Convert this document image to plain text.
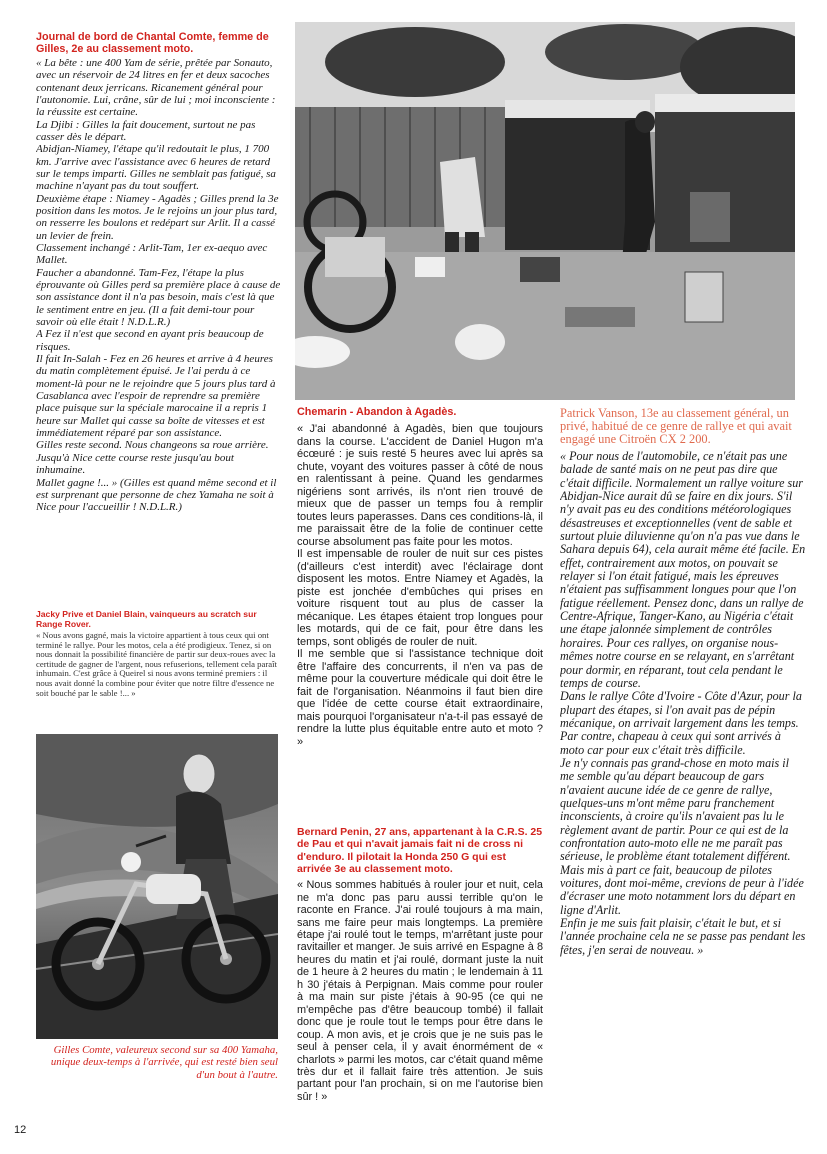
Journal de bord de Chantal Comte, femme de Gilles, 2e au classement moto.

« La bête : une 400 Yam de série, prêtée par Sonauto, avec un réservoir de 24 litres en fer et deux sacoches contenant deux jerricans. Ricanement général pour l'autonomie. Lui, crâne, sûr de lui ; moi inconsciente : la réussite est certaine.

La Djibi : Gilles la fait doucement, surtout ne pas casser dès le départ.

Abidjan-Niamey, l'étape qu'il redoutait le plus, 1 700 km. J'arrive avec l'assistance avec 6 heures de retard sur le temps imparti. Gilles ne semblait pas fatigué, sa machine n'ayant pas du tout souffert.

Deuxième étape : Niamey - Agadès ; Gilles prend la 3e position dans les motos. Je le rejoins un jour plus tard, on resserre les boulons et redépart sur Arlit. Il a cassé un levier de frein.

Classement inchangé : Arlit-Tam, 1er ex-aequo avec Mallet.

Faucher a abandonné. Tam-Fez, l'étape la plus éprouvante où Gilles perd sa première place à cause de son assistance dont il n'a pas besoin, mais c'est là que le sentiment entre en jeu. (Il a fait demi-tour pour savoir où elle était ! N.D.L.R.)

A Fez il n'est que second en ayant pris beaucoup de risques.

Il fait In-Salah - Fez en 26 heures et arrive à 4 heures du matin complètement épuisé. Je l'ai perdu à ce moment-là pour ne le rejoindre que 5 jours plus tard à Casablanca avec l'espoir de reprendre sa première place puisque sur la spéciale marocaine il a repris 1 heure sur Mallet qui casse sa boîte de vitesses et est immédiatement réparé par son assistance.

Gilles reste second. Nous changeons sa roue arrière. Jusqu'à Nice cette course reste jusqu'au bout inhumaine.

Mallet gagne !... » (Gilles est quand même second et il est surprenant que personne de chez Yamaha ne soit à Nice pour l'accueillir ! N.D.L.R.)

Jacky Prive et Daniel Blain, vainqueurs au scratch sur Range Rover.

« Nous avons gagné, mais la victoire appartient à tous ceux qui ont terminé le rallye. Pour les motos, cela a été prodigieux. Tenez, si on nous donnait la possibilité financière de partir sur deux-roues avec la certitude de gagner de l'argent, nous refuserions, tellement cela paraît inhumain. C'est grâce à Queirel si nous avons terminé premiers : il nous avait donné la combine pour éviter que notre filtre d'essence ne soit bouché par le sable !... »

Gilles Comte, valeureux second sur sa 400 Yamaha, unique deux-temps à l'arrivée, qui est resté bien seul d'un bout à l'autre.

Chemarin - Abandon à Agadès.

« J'ai abandonné à Agadès, bien que toujours dans la course. L'accident de Daniel Hugon m'a écœuré : je suis resté 5 heures avec lui après sa chute, voyant des voitures passer à côté de nous en ralentissant à peine. Quand les gendarmes nigériens sont arrivés, ils n'ont rien trouvé de mieux que de passer un temps fou à remplir toutes leurs paperasses. Dans ces conditions-là, il me paraissait être de la folie de continuer cette course absolument pas faite pour les motos.

Il est impensable de rouler de nuit sur ces pistes (d'ailleurs c'est interdit) avec l'éclairage dont disposent les motos. Entre Niamey et Agadès, la piste est jonchée d'embûches qui prises en voiture risquent tout au plus de casser la mécanique. Les étapes étaient trop longues pour les motards, qui de ce fait, pour être dans les temps, sont obligés de rouler de nuit.

Il me semble que si l'assistance technique doit être l'affaire des concurrents, il n'en va pas de même pour la couverture médicale qui doit être le fait de l'organisation. Néanmoins il faut bien dire que l'idée de cette course était extraordinaire, mais pourquoi l'organisateur n'a-t-il pas essayé de rendre la lutte plus équitable entre auto et moto ? »

Bernard Penin, 27 ans, appartenant à la C.R.S. 25 de Pau et qui n'avait jamais fait ni de cross ni d'enduro. Il pilotait la Honda 250 G qui est arrivée 3e au classement moto.

« Nous sommes habitués à rouler jour et nuit, cela ne m'a donc pas paru aussi terrible qu'on le raconte en France. J'ai roulé toujours à ma main, sans me faire peur mais longtemps. La première étape j'ai roulé tout le temps, m'arrêtant juste pour ravitailler et manger. Je suis arrivé en Espagne à 8 heures du matin et j'ai roulé, dormant juste la nuit de 1 heure à 2 heures du matin ; le lendemain à 11 h 30 j'étais à Perpignan. Mais comme pour rouler à ma main sur piste j'étais à 90-95 (ce qui ne m'empêche pas d'être beaucoup tombé) il fallait donc que je roule tout le temps pour être dans le coup. A mon avis, et je crois que je ne suis pas le seul à penser cela, il y avait énormément de « charlots » parmi les motos, car c'était quand même très dur et il fallait faire très attention. Je suis partant pour l'an prochain, si on me l'autorise bien sûr ! »

Patrick Vanson, 13e au classement général, un privé, habitué de ce genre de rallye et qui avait engagé une Citroën CX 2 200.

« Pour nous de l'automobile, ce n'était pas une balade de santé mais on ne peut pas dire que c'était difficile. Normalement un rallye voiture sur Abidjan-Nice aurait dû se faire en dix jours. S'il n'y avait pas eu des conditions météorologiques désastreuses et exceptionnelles (vent de sable et surtout pluie diluvienne qu'on n'a pas vue dans le Sahara depuis 64), cela aurait même été facile. En effet, contrairement aux motos, on pouvait se relayer si l'on était fatigué, mais les épreuves n'étaient pas suffisamment longues pour que l'on fatigue réellement. Pensez donc, dans un rallye de Centre-Afrique, Tanger-Kano, au Nigéria c'était une étape jalonnée simplement de contrôles horaires. Pour ces rallyes, on organise nous-mêmes notre course en se relayant, en s'arrêtant pour dormir, en réparant, tout cela pendant le temps de course.

Dans le rallye Côte d'Ivoire - Côte d'Azur, pour la plupart des étapes, si l'on avait pas de pépin mécanique, on arrivait largement dans les temps. Par contre, chapeau à ceux qui sont arrivés à moto car pour eux c'était très difficile.

Je n'y connais pas grand-chose en moto mais il me semble qu'au départ beaucoup de gars n'avaient aucune idée de ce genre de rallye, quelques-uns m'ont même paru franchement inconscients, à croire qu'ils n'avaient pas lu le règlement avant de partir. Pour ce qui est de la confrontation auto-moto elle ne me paraît pas sérieuse, le problème étant totalement différent. Mais mis à part ce fait, beaucoup de pilotes voitures, dont moi-même, crevions de peur à l'idée d'écraser une moto notamment lors du départ en ligne d'Arlit.

Enfin je me suis fait plaisir, c'était le but, et si l'année prochaine cela ne se passe pas pendant les fêtes, j'en serai de nouveau. »

12
